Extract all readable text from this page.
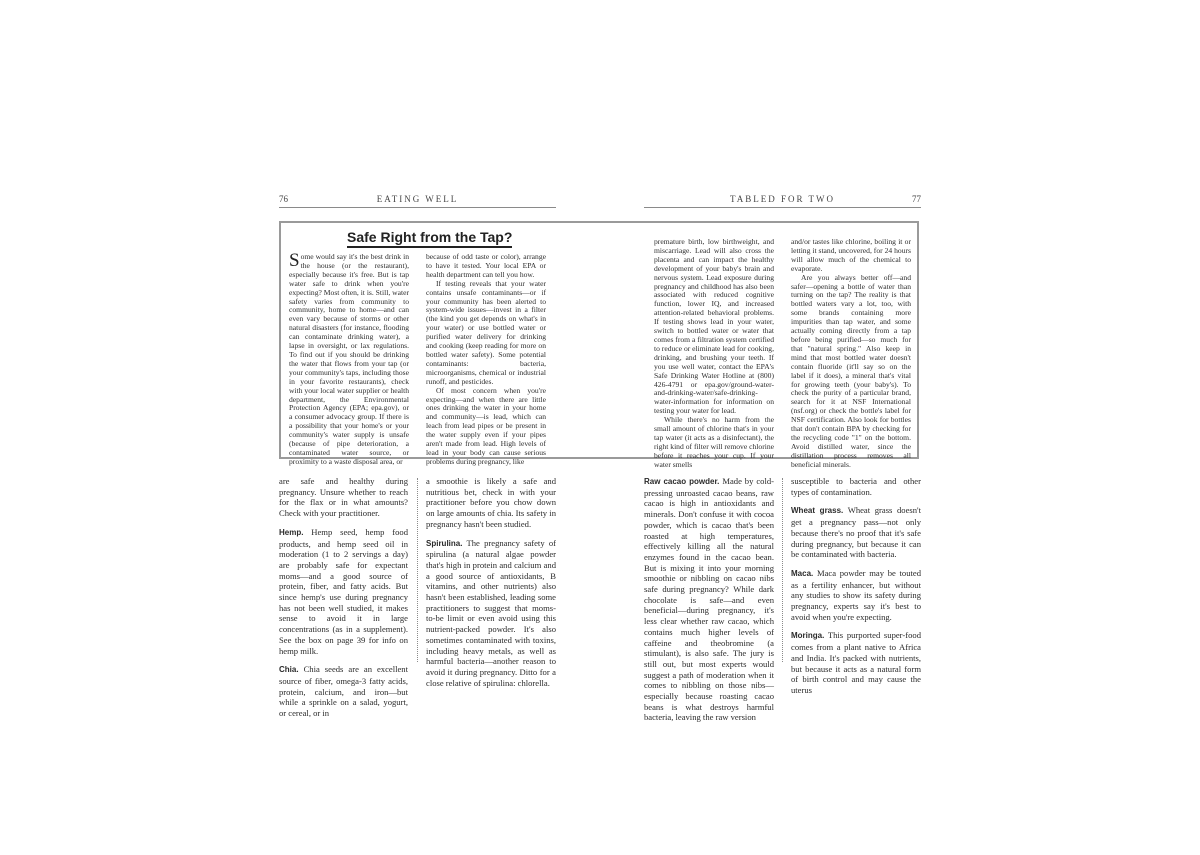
76	EATING WELL	TABLED FOR TWO	77
Safe Right from the Tap?

Some would say it's the best drink in the house (or the restaurant), especially because it's free. But is tap water safe to drink when you're expecting? Most often, it is. Still, water safety varies from community to community, home to home—and can even vary because of storms or other natural disasters (for instance, flooding can contaminate drinking water), a lapse in oversight, or lax regulations. To find out if you should be drinking the water that flows from your tap (or your community's taps, including those in your favorite restaurants), check with your local water supplier or health department, the Environmental Protection Agency (EPA; epa.gov), or a consumer advocacy group. If there is a possibility that your home's or your community's water supply is unsafe (because of pipe deterioration, a contaminated water source, or proximity to a waste disposal area, or

because of odd taste or color), arrange to have it tested. Your local EPA or health department can tell you how.

If testing reveals that your water contains unsafe contaminants—or if your community has been alerted to system-wide issues—invest in a filter (the kind you get depends on what's in your water) or use bottled water or purified water delivery for drinking and cooking (keep reading for more on bottled water safety). Some potential contaminants: bacteria, microorganisms, chemical or industrial runoff, and pesticides.

Of most concern when you're expecting—and when there are little ones drinking the water in your home and community—is lead, which can leach from lead pipes or be present in the water supply even if your pipes aren't made from lead. High levels of lead in your body can cause serious problems during pregnancy, like

premature birth, low birthweight, and miscarriage. Lead will also cross the placenta and can impact the healthy development of your baby's brain and nervous system. Lead exposure during pregnancy and childhood has also been associated with reduced cognitive function, lower IQ, and increased attention-related behavioral problems. If testing shows lead in your water, switch to bottled water or water that comes from a filtration system certified to reduce or eliminate lead for cooking, drinking, and brushing your teeth. If you use well water, contact the EPA's Safe Drinking Water Hotline at (800) 426-4791 or epa.gov/ground-water-and-drinking-water/safe-drinking-water-information for information on testing your water for lead.

While there's no harm from the small amount of chlorine that's in your tap water (it acts as a disinfectant), the right kind of filter will remove chlorine before it reaches your cup. If your water smells

and/or tastes like chlorine, boiling it or letting it stand, uncovered, for 24 hours will allow much of the chemical to evaporate.

Are you always better off—and safer—opening a bottle of water than turning on the tap? The reality is that bottled waters vary a lot, too, with some brands containing more impurities than tap water, and some actually coming directly from a tap before being purified—so much for that "natural spring." Also keep in mind that most bottled water doesn't contain fluoride (it'll say so on the label if it does), a mineral that's vital for growing teeth (your baby's). To check the purity of a particular brand, search for it at NSF International (nsf.org) or check the bottle's label for NSF certification. Also look for bottles that don't contain BPA by checking for the recycling code "1" on the bottom. Avoid distilled water, since the distillation process removes all beneficial minerals.

are safe and healthy during pregnancy. Unsure whether to reach for the flax or in what amounts? Check with your practitioner.

Hemp. Hemp seed, hemp food products, and hemp seed oil in moderation (1 to 2 servings a day) are probably safe for expectant moms—and a good source of protein, fiber, and fatty acids. But since hemp's use during pregnancy has not been well studied, it makes sense to avoid it in large concentrations (as in a supplement). See the box on page 39 for info on hemp milk.

Chia. Chia seeds are an excellent source of fiber, omega-3 fatty acids, protein, calcium, and iron—but while a sprinkle on a salad, yogurt, or cereal, or in

a smoothie is likely a safe and nutritious bet, check in with your practitioner before you chow down on large amounts of chia. Its safety in pregnancy hasn't been studied.

Spirulina. The pregnancy safety of spirulina (a natural algae powder that's high in protein and calcium and a good source of antioxidants, B vitamins, and other nutrients) also hasn't been established, leading some practitioners to suggest that moms-to-be limit or even avoid using this nutrient-packed powder. It's also sometimes contaminated with toxins, including heavy metals, as well as harmful bacteria—another reason to avoid it during pregnancy. Ditto for a close relative of spirulina: chlorella.

Raw cacao powder. Made by cold-pressing unroasted cacao beans, raw cacao is high in antioxidants and minerals. Don't confuse it with cocoa powder, which is cacao that's been roasted at high temperatures, effectively killing all the natural enzymes found in the cacao bean. But is mixing it into your morning smoothie or nibbling on cacao nibs safe during pregnancy? While dark chocolate is safe—and even beneficial—during pregnancy, it's less clear whether raw cacao, which contains much higher levels of caffeine and theobromine (a stimulant), is also safe. The jury is still out, but most experts would suggest a path of moderation when it comes to nibbling on those nibs—especially because roasting cacao beans is what destroys harmful bacteria, leaving the raw version

susceptible to bacteria and other types of contamination.

Wheat grass. Wheat grass doesn't get a pregnancy pass—not only because there's no proof that it's safe during pregnancy, but because it can be contaminated with bacteria.

Maca. Maca powder may be touted as a fertility enhancer, but without any studies to show its safety during pregnancy, experts say it's best to avoid when you're expecting.

Moringa. This purported super-food comes from a plant native to Africa and India. It's packed with nutrients, but because it acts as a natural form of birth control and may cause the uterus
